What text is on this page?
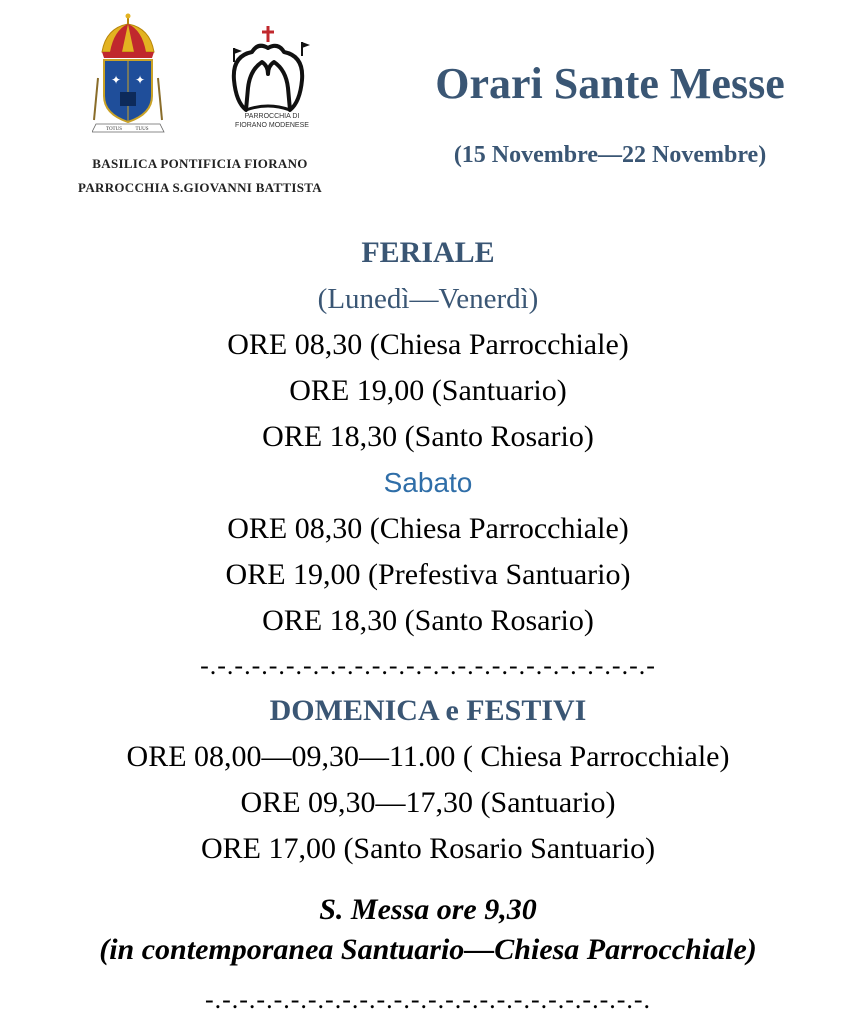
✦ ✦
TOTUS	TUUS
PARROCCHIA DI
FIORANO MODENESE
BASILICA PONTIFICIA FIORANO
PARROCCHIA S.GIOVANNI BATTISTA
Orari Sante Messe
(15 Novembre—22 Novembre)
FERIALE
(Lunedì—Venerdì)
ORE 08,30 (Chiesa Parrocchiale)
ORE 19,00 (Santuario)
ORE 18,30 (Santo Rosario)
Sabato
ORE 08,30 (Chiesa Parrocchiale)
ORE 19,00 (Prefestiva Santuario)
ORE 18,30 (Santo Rosario)
-.-.-.-.-.-.-.-.-.-.-.-.-.-.-.-.-.-.-.-.-.-.-.-.-.-.-
DOMENICA e FESTIVI
ORE 08,00—09,30—11.00 ( Chiesa Parrocchiale)
ORE 09,30—17,30 (Santuario)
ORE 17,00 (Santo Rosario Santuario)
S. Messa ore 9,30
(in contemporanea Santuario—Chiesa Parrocchiale)
-.-.-.-.-.-.-.-.-.-.-.-.-.-.-.-.-.-.-.-.-.-.-.-.-.-.
